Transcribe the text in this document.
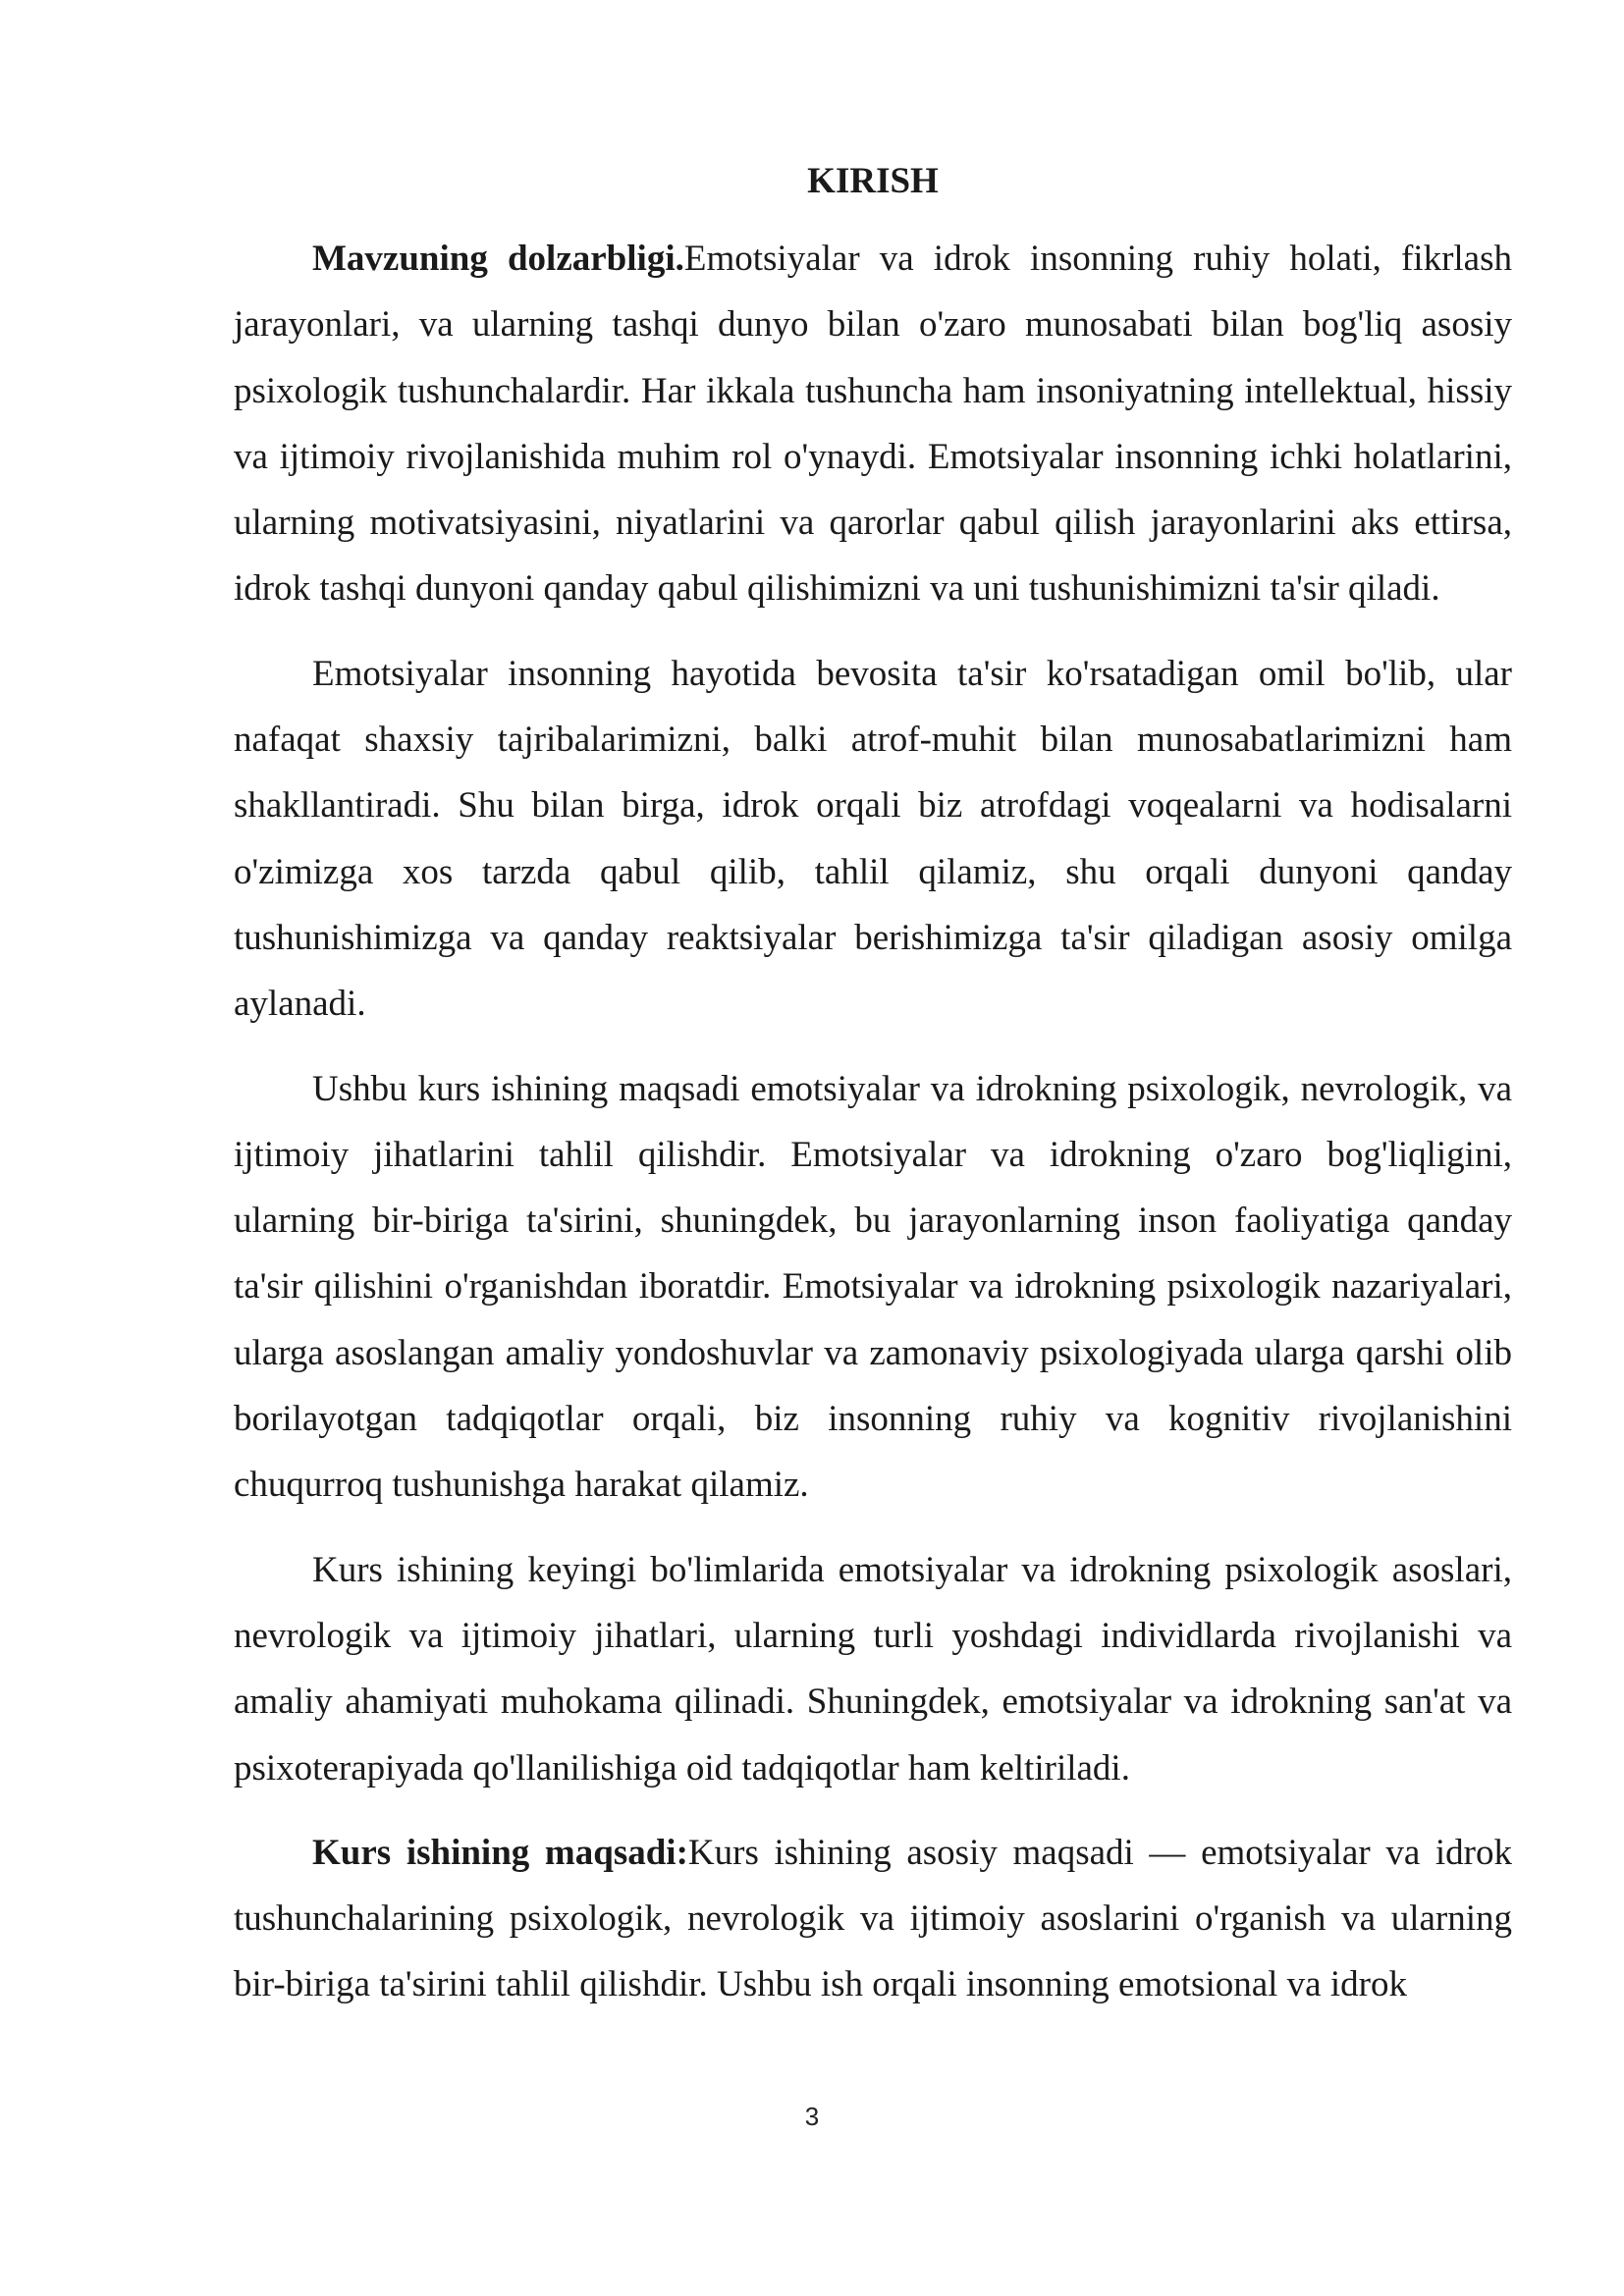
KIRISH

Mavzuning dolzarbligi.Emotsiyalar va idrok insonning ruhiy holati, fikrlash jarayonlari, va ularning tashqi dunyo bilan o'zaro munosabati bilan bog'liq asosiy psixologik tushunchalardir. Har ikkala tushuncha ham insoniyatning intellektual, hissiy va ijtimoiy rivojlanishida muhim rol o'ynaydi. Emotsiyalar insonning ichki holatlarini, ularning motivatsiyasini, niyatlarini va qarorlar qabul qilish jarayonlarini aks ettirsa, idrok tashqi dunyoni qanday qabul qilishimizni va uni tushunishimizni ta'sir qiladi.

Emotsiyalar insonning hayotida bevosita ta'sir ko'rsatadigan omil bo'lib, ular nafaqat shaxsiy tajribalarimizni, balki atrof-muhit bilan munosabatlarimizni ham shakllantiradi. Shu bilan birga, idrok orqali biz atrofdagi voqealarni va hodisalarni o'zimizga xos tarzda qabul qilib, tahlil qilamiz, shu orqali dunyoni qanday tushunishimizga va qanday reaktsiyalar berishimizga ta'sir qiladigan asosiy omilga aylanadi.

Ushbu kurs ishining maqsadi emotsiyalar va idrokning psixologik, nevrologik, va ijtimoiy jihatlarini tahlil qilishdir. Emotsiyalar va idrokning o'zaro bog'liqligini, ularning bir-biriga ta'sirini, shuningdek, bu jarayonlarning inson faoliyatiga qanday ta'sir qilishini o'rganishdan iboratdir. Emotsiyalar va idrokning psixologik nazariyalari, ularga asoslangan amaliy yondoshuvlar va zamonaviy psixologiyada ularga qarshi olib borilayotgan tadqiqotlar orqali, biz insonning ruhiy va kognitiv rivojlanishini chuqurroq tushunishga harakat qilamiz.

Kurs ishining keyingi bo'limlarida emotsiyalar va idrokning psixologik asoslari, nevrologik va ijtimoiy jihatlari, ularning turli yoshdagi individlarda rivojlanishi va amaliy ahamiyati muhokama qilinadi. Shuningdek, emotsiyalar va idrokning san'at va psixoterapiyada qo'llanilishiga oid tadqiqotlar ham keltiriladi.

Kurs ishining maqsadi:Kurs ishining asosiy maqsadi — emotsiyalar va idrok tushunchalarining psixologik, nevrologik va ijtimoiy asoslarini o'rganish va ularning bir-biriga ta'sirini tahlil qilishdir. Ushbu ish orqali insonning emotsional va idrok

3
